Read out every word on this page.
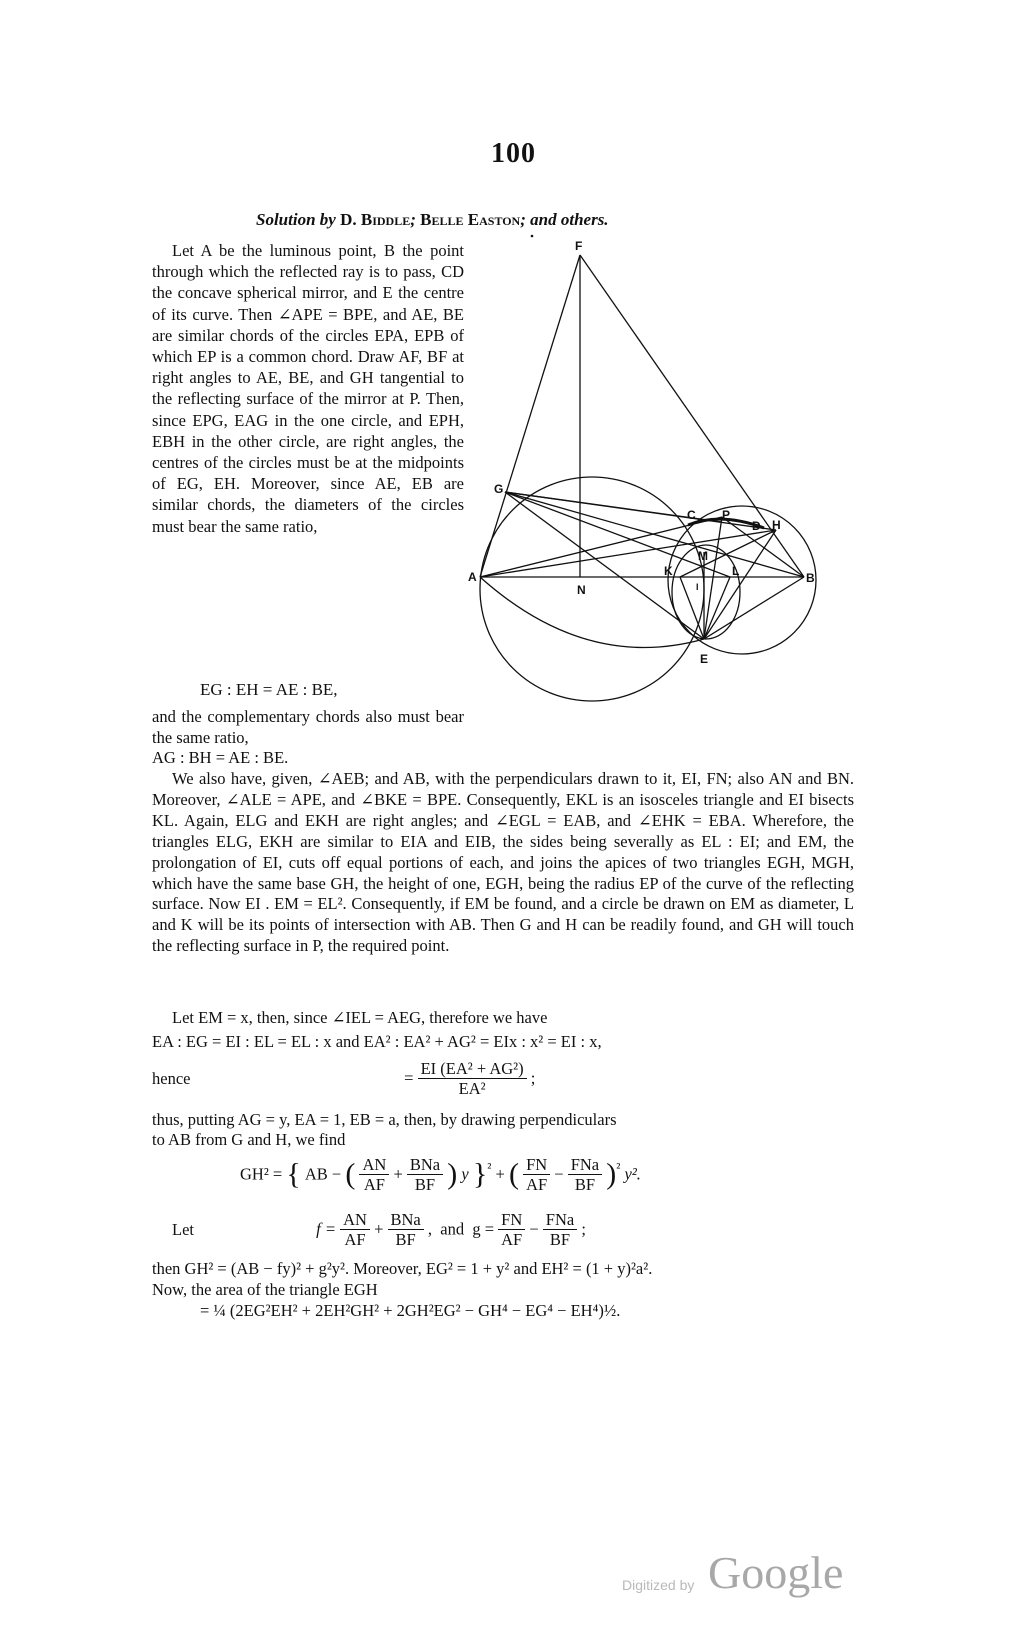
100
Solution by D. Biddle; Belle Easton; and others.

Let A be the luminous point, B the point through which the reflected ray is to pass, CD the concave spherical mirror, and E the centre of its curve. Then ∠APE = BPE, and AE, BE are similar chords of the circles EPA, EPB of which EP is a common chord. Draw AF, BF at right angles to AE, BE, and GH tangential to the reflecting surface of the mirror at P. Then, since EPG, EAG in the one circle, and EPH, EBH in the other circle, are right angles, the centres of the circles must be at the midpoints of EG, EH. Moreover, since AE, EB are similar chords, the diameters of the circles must bear the same ratio,

EG : EH = AE : BE,

and the complementary chords also must bear the same ratio,

AG : BH = AE : BE.
F
G
C P
D H
M
K	L
A
N	I
B
E

We also have, given, ∠AEB; and AB, with the perpendiculars drawn to it, EI, FN; also AN and BN. Moreover, ∠ALE = APE, and ∠BKE = BPE. Consequently, EKL is an isosceles triangle and EI bisects KL. Again, ELG and EKH are right angles; and ∠EGL = EAB, and ∠EHK = EBA. Wherefore, the triangles ELG, EKH are similar to EIA and EIB, the sides being severally as EL : EI; and EM, the prolongation of EI, cuts off equal portions of each, and joins the apices of two triangles EGH, MGH, which have the same base GH, the height of one, EGH, being the radius EP of the curve of the reflecting surface. Now EI . EM = EL². Consequently, if EM be found, and a circle be drawn on EM as diameter, L and K will be its points of intersection with AB. Then G and H can be readily found, and GH will touch the reflecting surface in P, the required point.

Let EM = x, then, since ∠IEL = AEG, therefore we have
EA : EG = EI : EL = EL : x and EA² : EA² + AG² = EIx : x² = EI : x,
hence	= $\frac{\text{EI (EA² + AG²)}}{\text{EA²}}$ ;
thus, putting AG = y, EA = 1, EB = a, then, by drawing perpendiculars
to AB from G and H, we find
GH² = { AB − ( $\frac{AN}{AF} + \frac{\text{BNa}}{BF}$ ) y }$^{^2}$ + ( $\frac{FN}{AF} - \frac{\text{FNa}}{BF} )^{^2}$ y².
Let	$f = \frac{AN}{AF} + \frac{\text{BNa}}{BF}$ ,  and  $g = \frac{FN}{AF} - \frac{\text{FNa}}{BF}$ ;
then GH² = (AB − fy)² + g²y². Moreover, EG² = 1 + y² and EH² = (1 + y)²a².
Now, the area of the triangle EGH
= ¼ (2EG²EH² + 2EH²GH² + 2GH²EG² − GH⁴ − EG⁴ − EH⁴)½.
Digitized by Google
